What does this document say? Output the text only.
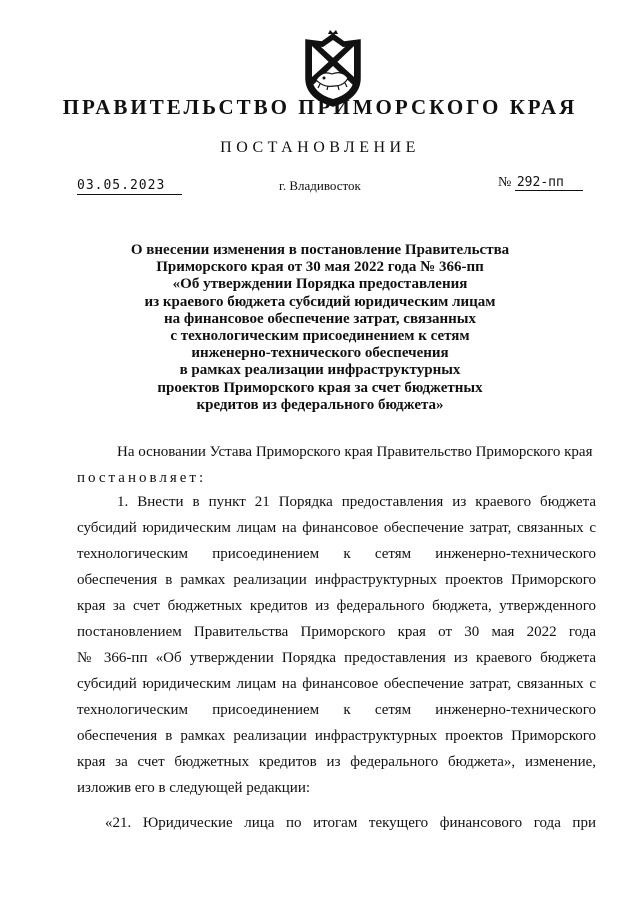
ПРАВИТЕЛЬСТВО ПРИМОРСКОГО КРАЯ
ПОСТАНОВЛЕНИЕ
03.05.2023	г. Владивосток	№ 292-пп
О внесении изменения в постановление Правительства
Приморского края от 30 мая 2022 года № 366-пп
«Об утверждении Порядка предоставления
из краевого бюджета субсидий юридическим лицам
на финансовое обеспечение затрат, связанных
с технологическим присоединением к сетям
инженерно-технического обеспечения
в рамках реализации инфраструктурных
проектов Приморского края за счет бюджетных
кредитов из федерального бюджета»
На основании Устава Приморского края Правительство Приморского края
постановляет:
1. Внести в пункт 21 Порядка предоставления из краевого бюджета
субсидий юридическим лицам на финансовое обеспечение затрат, связанных с
технологическим присоединением к сетям инженерно-технического
обеспечения в рамках реализации инфраструктурных проектов Приморского
края за счет бюджетных кредитов из федерального бюджета, утвержденного
постановлением Правительства Приморского края от 30 мая 2022 года
№ 366-пп «Об утверждении Порядка предоставления из краевого бюджета
субсидий юридическим лицам на финансовое обеспечение затрат, связанных с
технологическим присоединением к сетям инженерно-технического
обеспечения в рамках реализации инфраструктурных проектов Приморского
края за счет бюджетных кредитов из федерального бюджета», изменение,
изложив его в следующей редакции:
«21. Юридические лица по итогам текущего финансового года при
